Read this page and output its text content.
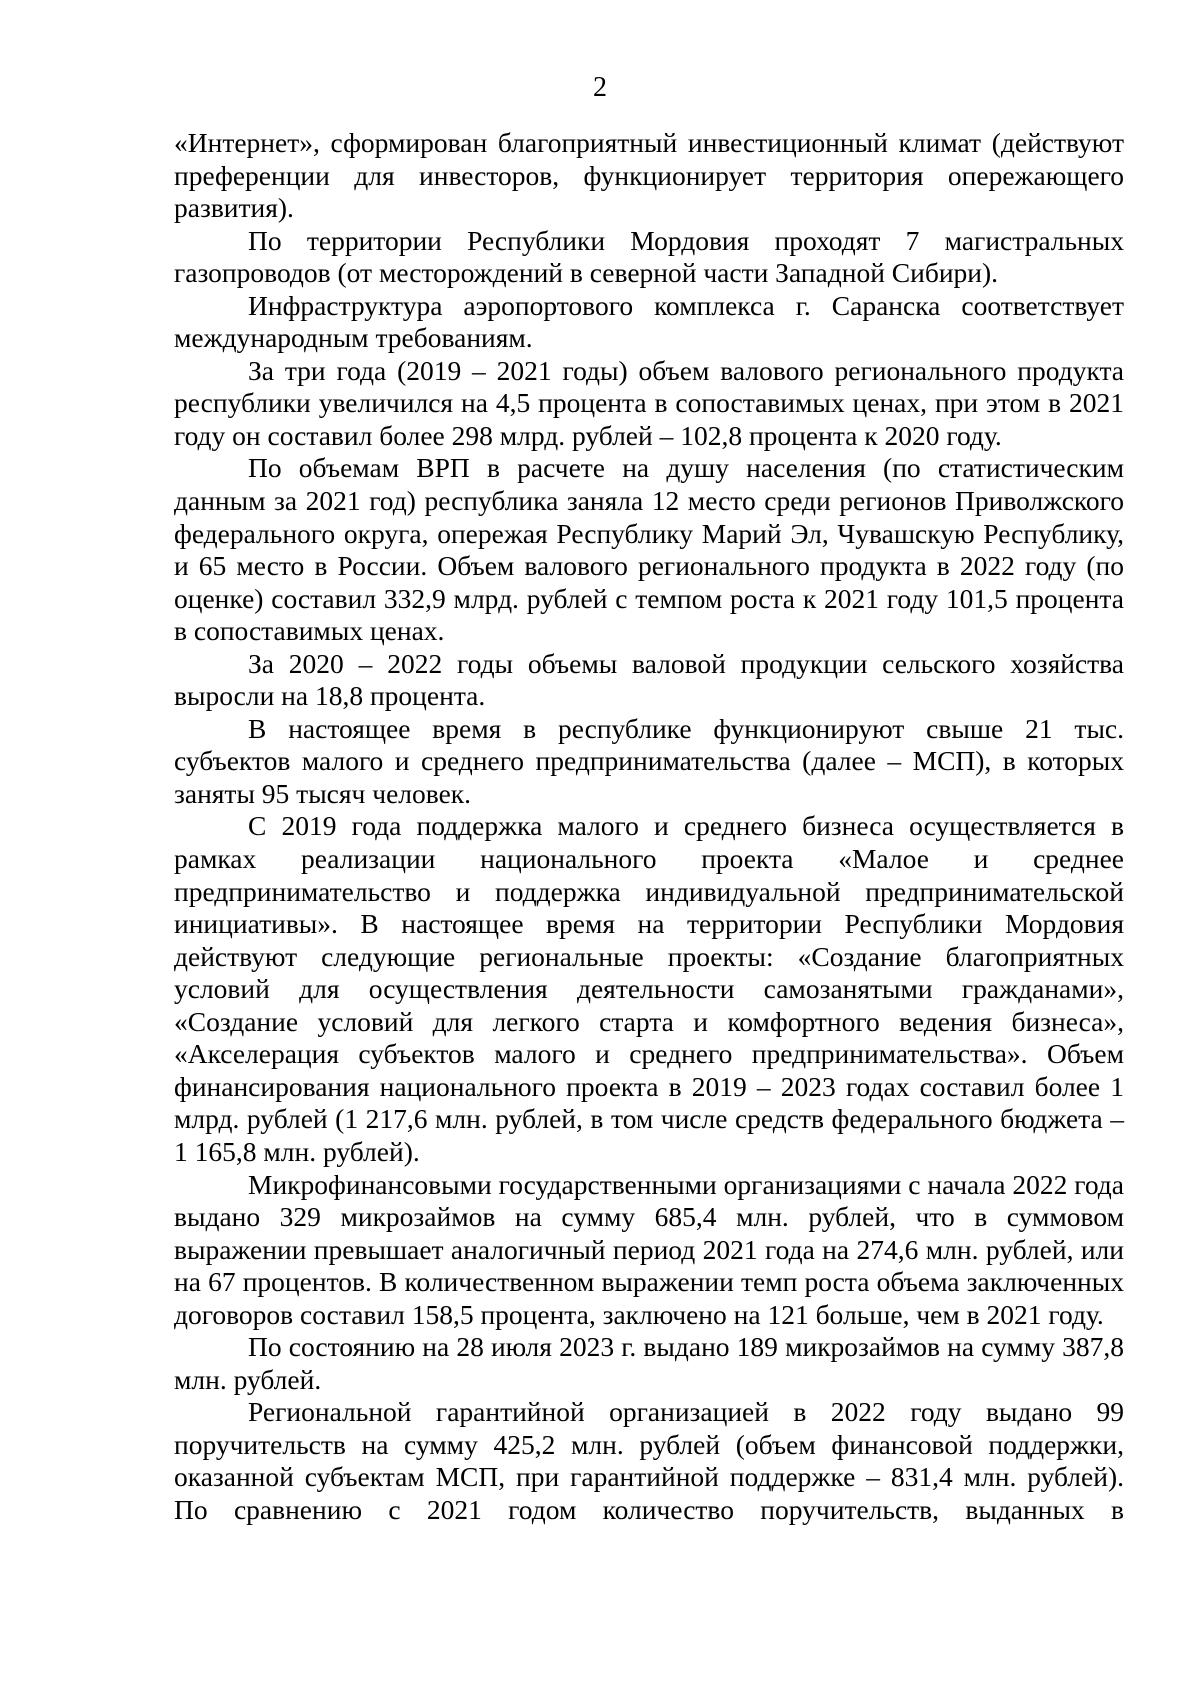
2

«Интернет», сформирован благоприятный инвестиционный климат (действуют преференции для инвесторов, функционирует территория опережающего развития).

По территории Республики Мордовия проходят 7 магистральных газопроводов (от месторождений в северной части Западной Сибири).

Инфраструктура аэропортового комплекса г. Саранска соответствует международным требованиям.

За три года (2019 – 2021 годы) объем валового регионального продукта республики увеличился на 4,5 процента в сопоставимых ценах, при этом в 2021 году он составил более 298 млрд. рублей – 102,8 процента к 2020 году.

По объемам ВРП в расчете на душу населения (по статистическим данным за 2021 год) республика заняла 12 место среди регионов Приволжского федерального округа, опережая Республику Марий Эл, Чувашскую Республику, и 65 место в России. Объем валового регионального продукта в 2022 году (по оценке) составил 332,9 млрд. рублей с темпом роста к 2021 году 101,5 процента в сопоставимых ценах.

За 2020 – 2022 годы объемы валовой продукции сельского хозяйства выросли на 18,8 процента.

В настоящее время в республике функционируют свыше 21 тыс. субъектов малого и среднего предпринимательства (далее – МСП), в которых заняты 95 тысяч человек.

С 2019 года поддержка малого и среднего бизнеса осуществляется в рамках реализации национального проекта «Малое и среднее предпринимательство и поддержка индивидуальной предпринимательской инициативы». В настоящее время на территории Республики Мордовия действуют следующие региональные проекты: «Создание благоприятных условий для осуществления деятельности самозанятыми гражданами», «Создание условий для легкого старта и комфортного ведения бизнеса», «Акселерация субъектов малого и среднего предпринимательства». Объем финансирования национального проекта в 2019 – 2023 годах составил более 1 млрд. рублей (1 217,6 млн. рублей, в том числе средств федерального бюджета – 1 165,8 млн. рублей).

Микрофинансовыми государственными организациями с начала 2022 года выдано 329 микрозаймов на сумму 685,4 млн. рублей, что в суммовом выражении превышает аналогичный период 2021 года на 274,6 млн. рублей, или на 67 процентов. В количественном выражении темп роста объема заключенных договоров составил 158,5 процента, заключено на 121 больше, чем в 2021 году.

По состоянию на 28 июля 2023 г. выдано 189 микрозаймов на сумму 387,8 млн. рублей.

Региональной гарантийной организацией в 2022 году выдано 99 поручительств на сумму 425,2 млн. рублей (объем финансовой поддержки, оказанной субъектам МСП, при гарантийной поддержке – 831,4 млн. рублей). По сравнению с 2021 годом количество поручительств, выданных в
